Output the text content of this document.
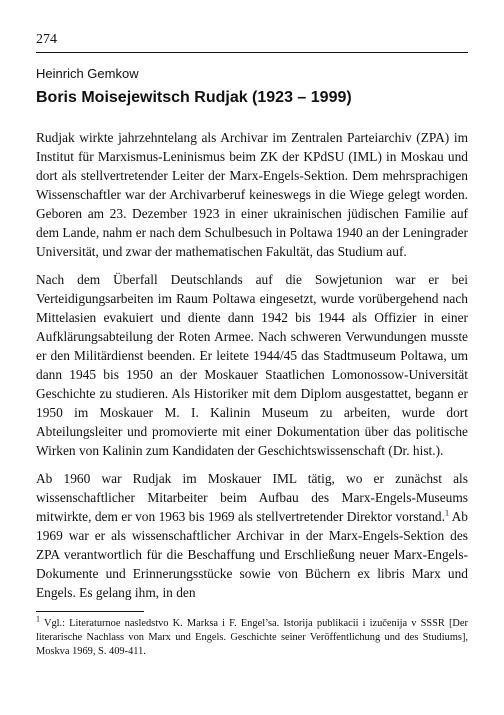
274
Heinrich Gemkow
Boris Moisejewitsch Rudjak (1923 – 1999)

Rudjak wirkte jahrzehntelang als Archivar im Zentralen Parteiarchiv (ZPA) im Institut für Marxismus-Leninismus beim ZK der KPdSU (IML) in Moskau und dort als stellvertretender Leiter der Marx-Engels-Sektion. Dem mehrsprachigen Wissenschaftler war der Archivarberuf keineswegs in die Wiege gelegt worden. Geboren am 23. Dezember 1923 in einer ukrainischen jüdischen Familie auf dem Lande, nahm er nach dem Schulbesuch in Poltawa 1940 an der Leningrader Universität, und zwar der mathematischen Fakultät, das Studium auf.

Nach dem Überfall Deutschlands auf die Sowjetunion war er bei Verteidigungsarbeiten im Raum Poltawa eingesetzt, wurde vorübergehend nach Mittelasien evakuiert und diente dann 1942 bis 1944 als Offizier in einer Aufklärungsabteilung der Roten Armee. Nach schweren Verwundungen musste er den Militärdienst beenden. Er leitete 1944/45 das Stadtmuseum Poltawa, um dann 1945 bis 1950 an der Moskauer Staatlichen Lomonossow-Universität Geschichte zu studieren. Als Historiker mit dem Diplom ausgestattet, begann er 1950 im Moskauer M. I. Kalinin Museum zu arbeiten, wurde dort Abteilungsleiter und promovierte mit einer Dokumentation über das politische Wirken von Kalinin zum Kandidaten der Geschichtswissenschaft (Dr. hist.).

Ab 1960 war Rudjak im Moskauer IML tätig, wo er zunächst als wissenschaftlicher Mitarbeiter beim Aufbau des Marx-Engels-Museums mitwirkte, dem er von 1963 bis 1969 als stellvertretender Direktor vorstand.$^1$ Ab 1969 war er als wissenschaftlicher Archivar in der Marx-Engels-Sektion des ZPA verantwortlich für die Beschaffung und Erschließung neuer Marx-Engels-Dokumente und Erinnerungsstücke sowie von Büchern ex libris Marx und Engels. Es gelang ihm, in den

$^1$ Vgl.: Literaturnoe nasledstvo K. Marksa i F. Engel’sa. Istorija publikacii i izučenija v SSSR [Der literarische Nachlass von Marx und Engels. Geschichte seiner Veröffentlichung und des Studiums], Moskva 1969, S. 409-411.
